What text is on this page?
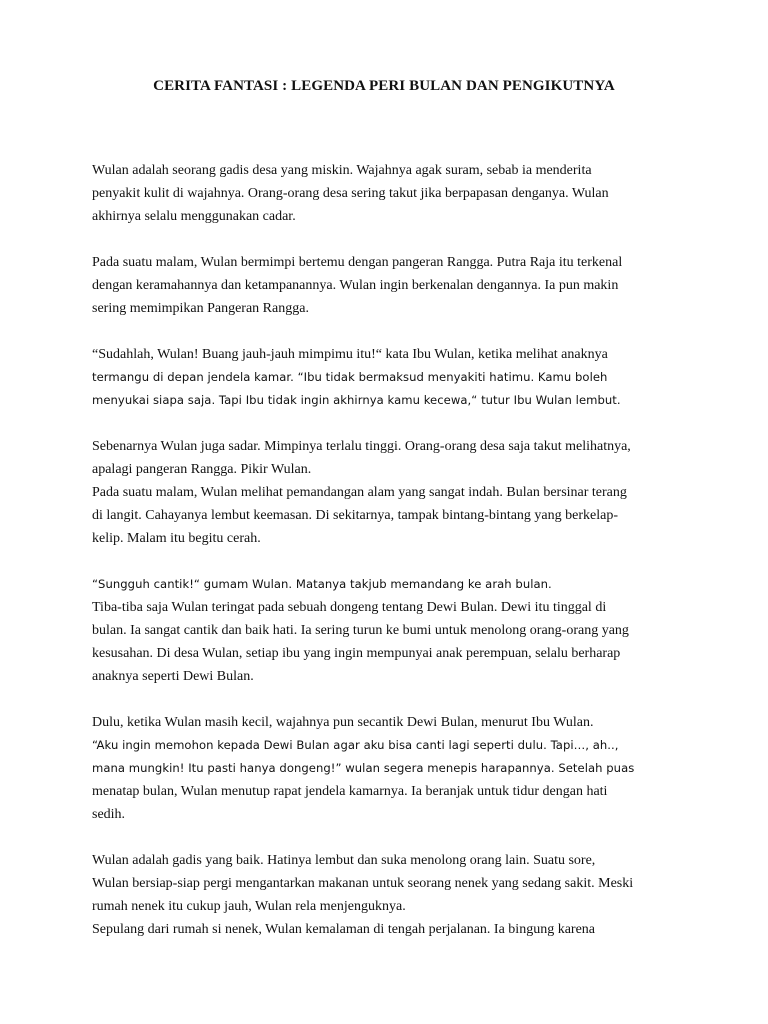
CERITA FANTASI : LEGENDA PERI BULAN DAN PENGIKUTNYA
Wulan adalah seorang gadis desa yang miskin. Wajahnya agak suram, sebab ia menderita
penyakit kulit di wajahnya. Orang-orang desa sering takut jika berpapasan denganya. Wulan
akhirnya selalu menggunakan cadar.
Pada suatu malam, Wulan bermimpi bertemu dengan pangeran Rangga. Putra Raja itu terkenal
dengan keramahannya dan ketampanannya. Wulan ingin berkenalan dengannya. Ia pun makin
sering memimpikan Pangeran Rangga.
“Sudahlah, Wulan! Buang jauh-jauh mimpimu itu!“ kata Ibu Wulan, ketika melihat anaknya
termangu di depan jendela kamar. “Ibu tidak bermaksud menyakiti hatimu. Kamu boleh
menyukai siapa saja. Tapi Ibu tidak ingin akhirnya kamu kecewa,“ tutur Ibu Wulan lembut.
Sebenarnya Wulan juga sadar. Mimpinya terlalu tinggi. Orang-orang desa saja takut melihatnya,
apalagi pangeran Rangga. Pikir Wulan.
Pada suatu malam, Wulan melihat pemandangan alam yang sangat indah. Bulan bersinar terang
di langit. Cahayanya lembut keemasan. Di sekitarnya, tampak bintang-bintang yang berkelap-
kelip. Malam itu begitu cerah.
“Sungguh cantik!“ gumam Wulan. Matanya takjub memandang ke arah bulan.
Tiba-tiba saja Wulan teringat pada sebuah dongeng tentang Dewi Bulan. Dewi itu tinggal di
bulan. Ia sangat cantik dan baik hati. Ia sering turun ke bumi untuk menolong orang-orang yang
kesusahan. Di desa Wulan, setiap ibu yang ingin mempunyai anak perempuan, selalu berharap
anaknya seperti Dewi Bulan.
Dulu, ketika Wulan masih kecil, wajahnya pun secantik Dewi Bulan, menurut Ibu Wulan.
“Aku ingin memohon kepada Dewi Bulan agar aku bisa canti lagi seperti dulu. Tapi…, ah..,
mana mungkin! Itu pasti hanya dongeng!” wulan segera menepis harapannya. Setelah puas
menatap bulan, Wulan menutup rapat jendela kamarnya. Ia beranjak untuk tidur dengan hati
sedih.
Wulan adalah gadis yang baik. Hatinya lembut dan suka menolong orang lain. Suatu sore,
Wulan bersiap-siap pergi mengantarkan makanan untuk seorang nenek yang sedang sakit. Meski
rumah nenek itu cukup jauh, Wulan rela menjenguknya.
Sepulang dari rumah si nenek, Wulan kemalaman di tengah perjalanan. Ia bingung karena
